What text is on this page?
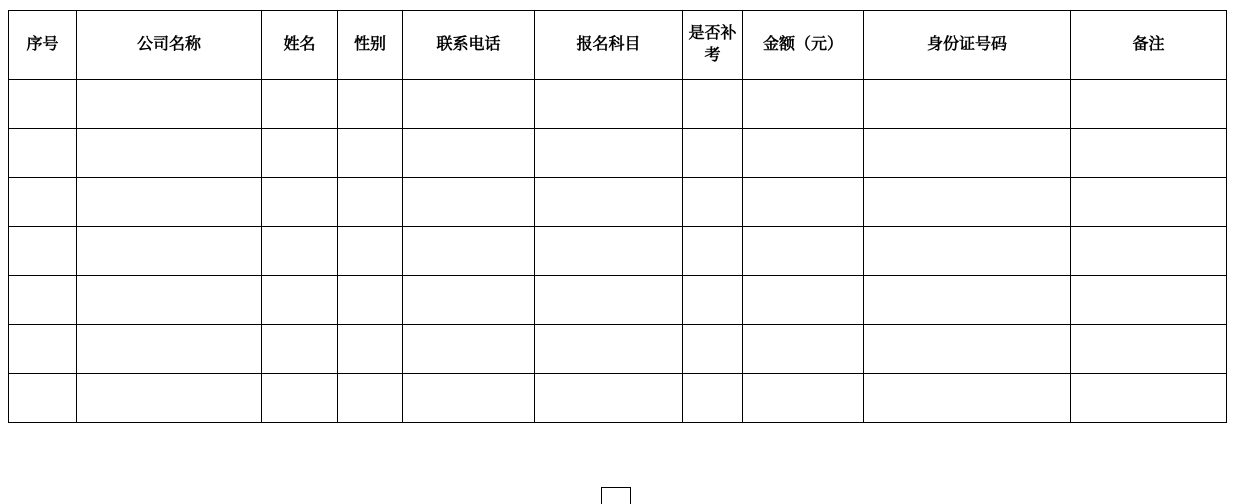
序号	公司名称	姓名	性别	联系电话	报名科目	是否补考	金额（元）	身份证号码	备注
